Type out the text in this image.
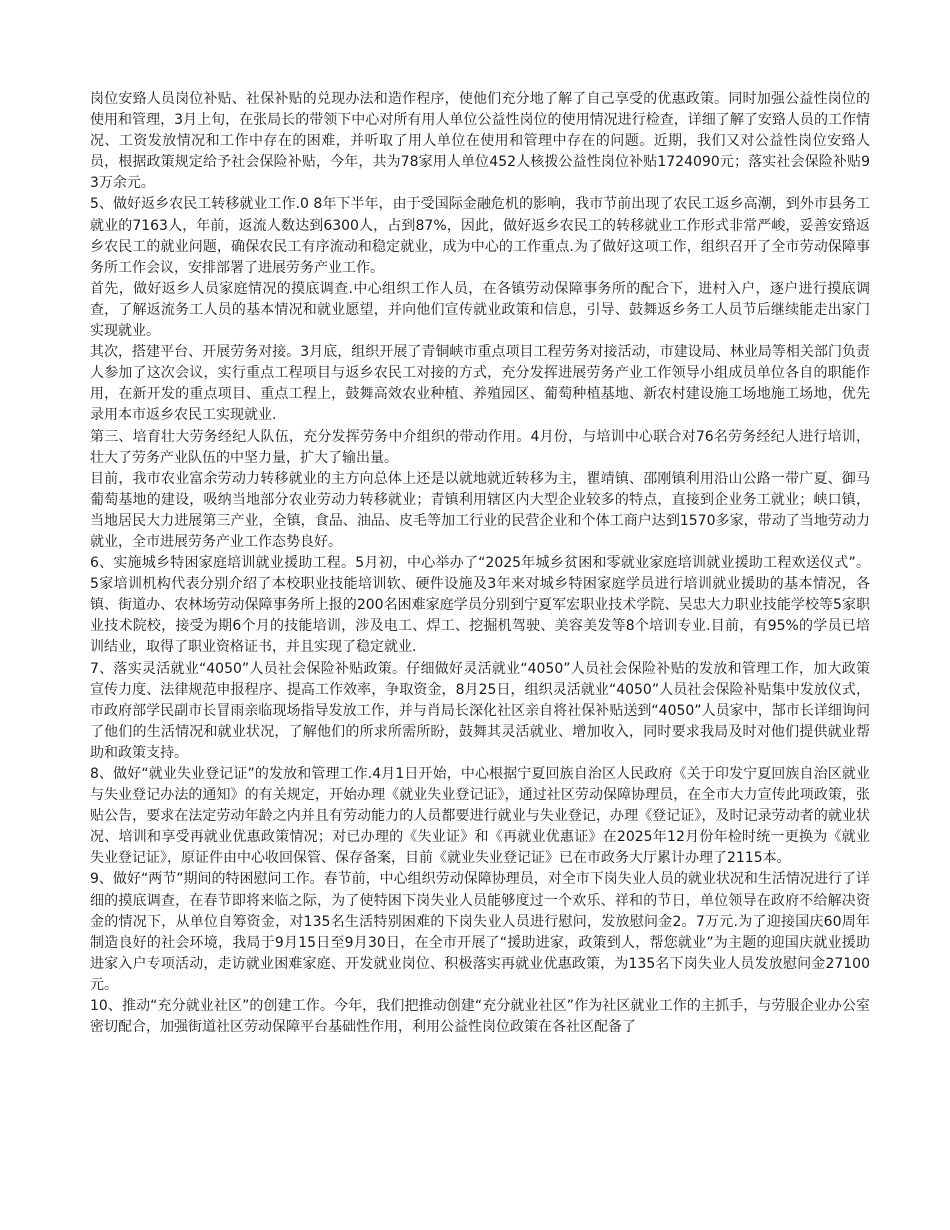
岗位安臵人员岗位补贴、社保补贴的兑现办法和造作程序，使他们充分地了解了自己享受的优惠政策。同时加强公益性岗位的使用和管理，3月上旬，在张局长的带领下中心对所有用人单位公益性岗位的使用情况进行检查，详细了解了安臵人员的工作情况、工资发放情况和工作中存在的困难，并听取了用人单位在使用和管理中存在的问题。近期，我们又对公益性岗位安臵人员，根据政策规定给予社会保险补贴，今年，共为78家用人单位452人核拨公益性岗位补贴1724090元；落实社会保险补贴93万余元。

5、做好返乡农民工转移就业工作.0 8年下半年，由于受国际金融危机的影响，我市节前出现了农民工返乡高潮，到外市县务工就业的7163人，年前，返流人数达到6300人，占到87%，因此，做好返乡农民工的转移就业工作形式非常严峻，妥善安臵返乡农民工的就业问题，确保农民工有序流动和稳定就业，成为中心的工作重点.为了做好这项工作，组织召开了全市劳动保障事务所工作会议，安排部署了进展劳务产业工作。

首先，做好返乡人员家庭情况的摸底调查.中心组织工作人员，在各镇劳动保障事务所的配合下，进村入户，逐户进行摸底调查，了解返流务工人员的基本情况和就业愿望，并向他们宣传就业政策和信息，引导、鼓舞返乡务工人员节后继续能走出家门实现就业。

其次，搭建平台、开展劳务对接。3月底，组织开展了青铜峡市重点项目工程劳务对接活动，市建设局、林业局等相关部门负责人参加了这次会议，实行重点工程项目与返乡农民工对接的方式，充分发挥进展劳务产业工作领导小组成员单位各自的职能作用，在新开发的重点项目、重点工程上，鼓舞高效农业种植、养殖园区、葡萄种植基地、新农村建设施工场地施工场地，优先录用本市返乡农民工实现就业.

第三、培育壮大劳务经纪人队伍，充分发挥劳务中介组织的带动作用。4月份，与培训中心联合对76名劳务经纪人进行培训，壮大了劳务产业队伍的中坚力量，扩大了输出量。

目前，我市农业富余劳动力转移就业的主方向总体上还是以就地就近转移为主，瞿靖镇、邵刚镇利用沿山公路一带广夏、御马葡萄基地的建设，吸纳当地部分农业劳动力转移就业；青镇利用辖区内大型企业较多的特点，直接到企业务工就业；峡口镇，当地居民大力进展第三产业，全镇，食品、油品、皮毛等加工行业的民营企业和个体工商户达到1570多家，带动了当地劳动力就业，全市进展劳务产业工作态势良好。

6、实施城乡特困家庭培训就业援助工程。5月初，中心举办了“2025年城乡贫困和零就业家庭培训就业援助工程欢送仪式”。 5家培训机构代表分别介绍了本校职业技能培训软、硬件设施及3年来对城乡特困家庭学员进行培训就业援助的基本情况，各镇、街道办、农林场劳动保障事务所上报的200名困难家庭学员分别到宁夏军宏职业技术学院、吴忠大力职业技能学校等5家职业技术院校，接受为期6个月的技能培训，涉及电工、焊工、挖掘机驾驶、美容美发等8个培训专业.目前，有95%的学员已培训结业，取得了职业资格证书，并且实现了稳定就业.

7、落实灵活就业“4050”人员社会保险补贴政策。仔细做好灵活就业“4050”人员社会保险补贴的发放和管理工作，加大政策宣传力度、法律规范申报程序、提高工作效率，争取资金，8月25日，组织灵活就业“4050”人员社会保险补贴集中发放仪式，市政府部学民副市长冒雨亲临现场指导发放工作，并与肖局长深化社区亲自将社保补贴送到“4050”人员家中，郜市长详细询问了他们的生活情况和就业状况，了解他们的所求所需所盼，鼓舞其灵活就业、增加收入，同时要求我局及时对他们提供就业帮助和政策支持。

8、做好“就业失业登记证”的发放和管理工作.4月1日开始，中心根据宁夏回族自治区人民政府《关于印发宁夏回族自治区就业与失业登记办法的通知》的有关规定，开始办理《就业失业登记证》，通过社区劳动保障协理员，在全市大力宣传此项政策，张贴公告，要求在法定劳动年龄之内并且有劳动能力的人员都要进行就业与失业登记，办理《登记证》，及时记录劳动者的就业状况、培训和享受再就业优惠政策情况；对已办理的《失业证》和《再就业优惠证》在2025年12月份年检时统一更换为《就业失业登记证》，原证件由中心收回保管、保存备案，目前《就业失业登记证》已在市政务大厅累计办理了2115本。

9、做好“两节”期间的特困慰问工作。春节前，中心组织劳动保障协理员，对全市下岗失业人员的就业状况和生活情况进行了详细的摸底调查，在春节即将来临之际，为了使特困下岗失业人员能够度过一个欢乐、祥和的节日，单位领导在政府不给解决资金的情况下，从单位自筹资金，对135名生活特别困难的下岗失业人员进行慰问，发放慰问金2。7万元.为了迎接国庆60周年制造良好的社会环境，我局于9月15日至9月30日，在全市开展了“援助进家，政策到人，帮您就业”为主题的迎国庆就业援助进家入户专项活动，走访就业困难家庭、开发就业岗位、积极落实再就业优惠政策，为135名下岗失业人员发放慰问金27100元。

10、推动“充分就业社区”的创建工作。今年，我们把推动创建“充分就业社区”作为社区就业工作的主抓手，与劳服企业办公室密切配合，加强街道社区劳动保障平台基础性作用，利用公益性岗位政策在各社区配备了
